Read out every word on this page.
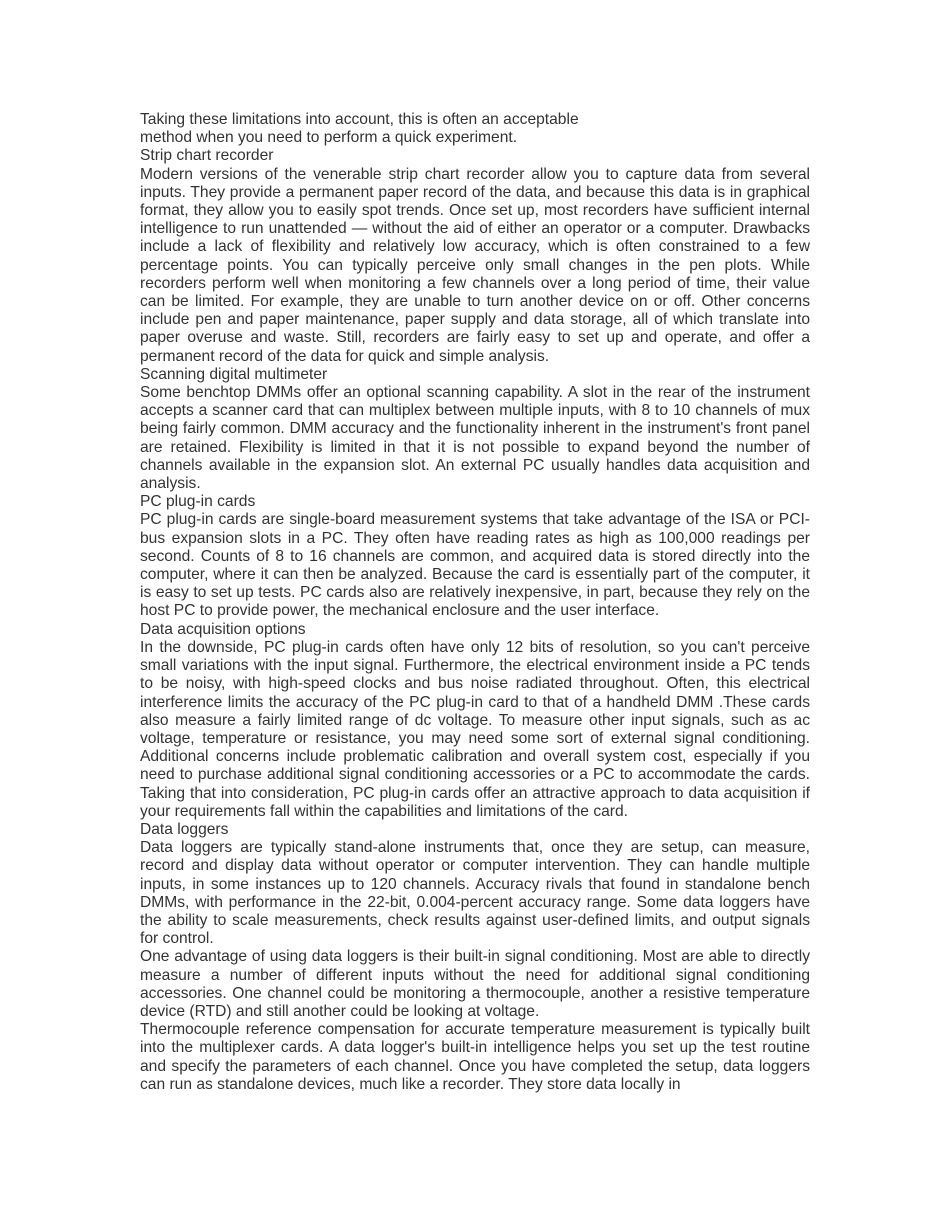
Taking these limitations into account, this is often an acceptable
method when you need to perform a quick experiment.
Strip chart recorder

Modern versions of the venerable strip chart recorder allow you to capture data from several inputs. They provide a permanent paper record of the data, and because this data is in graphical format, they allow you to easily spot trends. Once set up, most recorders have sufficient internal intelligence to run unattended — without the aid of either an operator or a computer. Drawbacks include a lack of flexibility and relatively low accuracy, which is often constrained to a few percentage points. You can typically perceive only small changes in the pen plots. While recorders perform well when monitoring a few channels over a long period of time, their value can be limited. For example, they are unable to turn another device on or off. Other concerns include pen and paper maintenance, paper supply and data storage, all of which translate into paper overuse and waste. Still, recorders are fairly easy to set up and operate, and offer a permanent record of the data for quick and simple analysis.

Scanning digital multimeter

Some benchtop DMMs offer an optional scanning capability. A slot in the rear of the instrument accepts a scanner card that can multiplex between multiple inputs, with 8 to 10 channels of mux being fairly common. DMM accuracy and the functionality inherent in the instrument's front panel are retained. Flexibility is limited in that it is not possible to expand beyond the number of channels available in the expansion slot. An external PC usually handles data acquisition and analysis.

PC plug-in cards

PC plug-in cards are single-board measurement systems that take advantage of the ISA or PCI-bus expansion slots in a PC. They often have reading rates as high as 100,000 readings per second. Counts of 8 to 16 channels are common, and acquired data is stored directly into the computer, where it can then be analyzed. Because the card is essentially part of the computer, it is easy to set up tests. PC cards also are relatively inexpensive, in part, because they rely on the host PC to provide power, the mechanical enclosure and the user interface.

Data acquisition options

In the downside, PC plug-in cards often have only 12 bits of resolution, so you can't perceive small variations with the input signal. Furthermore, the electrical environment inside a PC tends to be noisy, with high-speed clocks and bus noise radiated throughout. Often, this electrical interference limits the accuracy of the PC plug-in card to that of a handheld DMM .These cards also measure a fairly limited range of dc voltage. To measure other input signals, such as ac voltage, temperature or resistance, you may need some sort of external signal conditioning. Additional concerns include problematic calibration and overall system cost, especially if you need to purchase additional signal conditioning accessories or a PC to accommodate the cards. Taking that into consideration, PC plug-in cards offer an attractive approach to data acquisition if your requirements fall within the capabilities and limitations of the card.

Data loggers

Data loggers are typically stand-alone instruments that, once they are setup, can measure, record and display data without operator or computer intervention. They can handle multiple inputs, in some instances up to 120 channels. Accuracy rivals that found in standalone bench DMMs, with performance in the 22-bit, 0.004-percent accuracy range. Some data loggers have the ability to scale measurements, check results against user-defined limits, and output signals for control.

One advantage of using data loggers is their built-in signal conditioning. Most are able to directly measure a number of different inputs without the need for additional signal conditioning accessories. One channel could be monitoring a thermocouple, another a resistive temperature device (RTD) and still another could be looking at voltage.

Thermocouple reference compensation for accurate temperature measurement is typically built into the multiplexer cards. A data logger's built-in intelligence helps you set up the test routine and specify the parameters of each channel. Once you have completed the setup, data loggers can run as standalone devices, much like a recorder. They store data locally in
